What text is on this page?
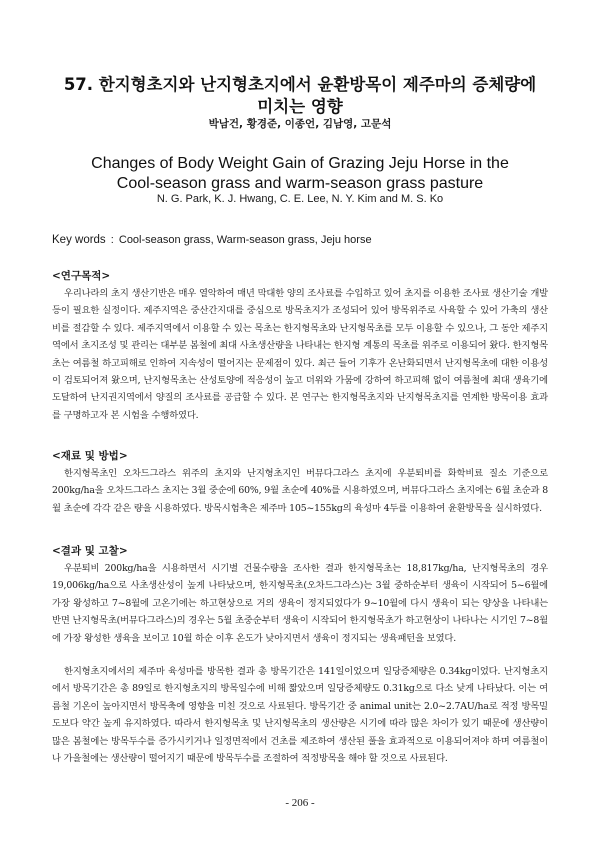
57. 한지형초지와 난지형초지에서 윤환방목이 제주마의 증체량에
미치는 영향
박남건, 황경준, 이종언, 김남영, 고문석
Changes of Body Weight Gain of Grazing Jeju Horse in the
Cool-season grass and warm-season grass pasture
N. G. Park, K. J. Hwang, C. E. Lee, N. Y. Kim and M. S. Ko
Key words : Cool-season grass, Warm-season grass, Jeju horse
<연구목적>
우리나라의 초지 생산기반은 매우 열악하여 매년 막대한 양의 조사료를 수입하고 있어 초지를 이용한 조사료 생산기술 개발 등이 필요한 실정이다. 제주지역은 중산간지대를 중심으로 방목초지가 조성되어 있어 방목위주로 사육할 수 있어 가축의 생산비를 절감할 수 있다. 제주지역에서 이용할 수 있는 목초는 한지형목초와 난지형목초를 모두 이용할 수 있으나, 그 동안 제주지역에서 초지조성 및 관리는 대부분 봄철에 최대 사초생산량을 나타내는 한지형 계통의 목초를 위주로 이용되어 왔다. 한지형목초는 여름철 하고피해로 인하여 지속성이 떨어지는 문제점이 있다. 최근 들어 기후가 온난화되면서 난지형목초에 대한 이용성이 검토되어져 왔으며, 난지형목초는 산성토양에 적응성이 높고 더위와 가뭄에 강하여 하고피해 없이 여름철에 최대 생육기에 도달하여 난지권지역에서 양질의 조사료를 공급할 수 있다. 본 연구는 한지형목초지와 난지형목초지를 연계한 방목이용 효과를 구명하고자 본 시험을 수행하였다.
<재료 및 방법>
한지형목초인 오차드그라스 위주의 초지와 난지형초지인 버뮤다그라스 초지에 우분퇴비를 화학비료 질소 기준으로 200kg/ha을 오차드그라스 초지는 3월 중순에 60%, 9월 초순에 40%를 시용하였으며, 버뮤다그라스 초지에는 6월 초순과 8월 초순에 각각 같은 량을 시용하였다. 방목시험축은 제주마 105~155kg의 육성마 4두를 이용하여 윤환방목을 실시하였다.
<결과 및 고찰>
우분퇴비 200kg/ha을 시용하면서 시기별 건물수량을 조사한 결과 한지형목초는 18,817kg/ha, 난지형목초의 경우 19,006kg/ha으로 사초생산성이 높게 나타났으며, 한지형목초(오차드그라스)는 3월 중하순부터 생육이 시작되어 5~6월에 가장 왕성하고 7~8월에 고온기에는 하고현상으로 거의 생육이 정지되었다가 9~10월에 다시 생육이 되는 양상을 나타내는 반면 난지형목초(버뮤다그라스)의 경우는 5월 초중순부터 생육이 시작되어 한지형목초가 하고현상이 나타나는 시기인 7~8월에 가장 왕성한 생육을 보이고 10월 하순 이후 온도가 낮아지면서 생육이 정지되는 생육패턴을 보였다.
한지형초지에서의 제주마 육성마를 방목한 결과 총 방목기간은 141일이었으며 일당증체량은 0.34kg이었다. 난지형초지에서 방목기간은 총 89일로 한지형초지의 방목일수에 비해 짧았으며 일당증체량도 0.31kg으로 다소 낮게 나타났다. 이는 여름철 기온이 높아지면서 방목축에 영향을 미친 것으로 사료된다. 방목기간 중 animal unit는 2.0~2.7AU/ha로 적정 방목밀도보다 약간 높게 유지하였다. 따라서 한지형목초 및 난지형목초의 생산량은 시기에 따라 많은 차이가 있기 때문에 생산량이 많은 봄철에는 방목두수를 증가시키거나 일정면적에서 건초를 제조하여 생산된 풀을 효과적으로 이용되어져야 하며 여름철이나 가을철에는 생산량이 떨어지기 때문에 방목두수를 조절하여 적정방목을 해야 할 것으로 사료된다.
- 206 -
